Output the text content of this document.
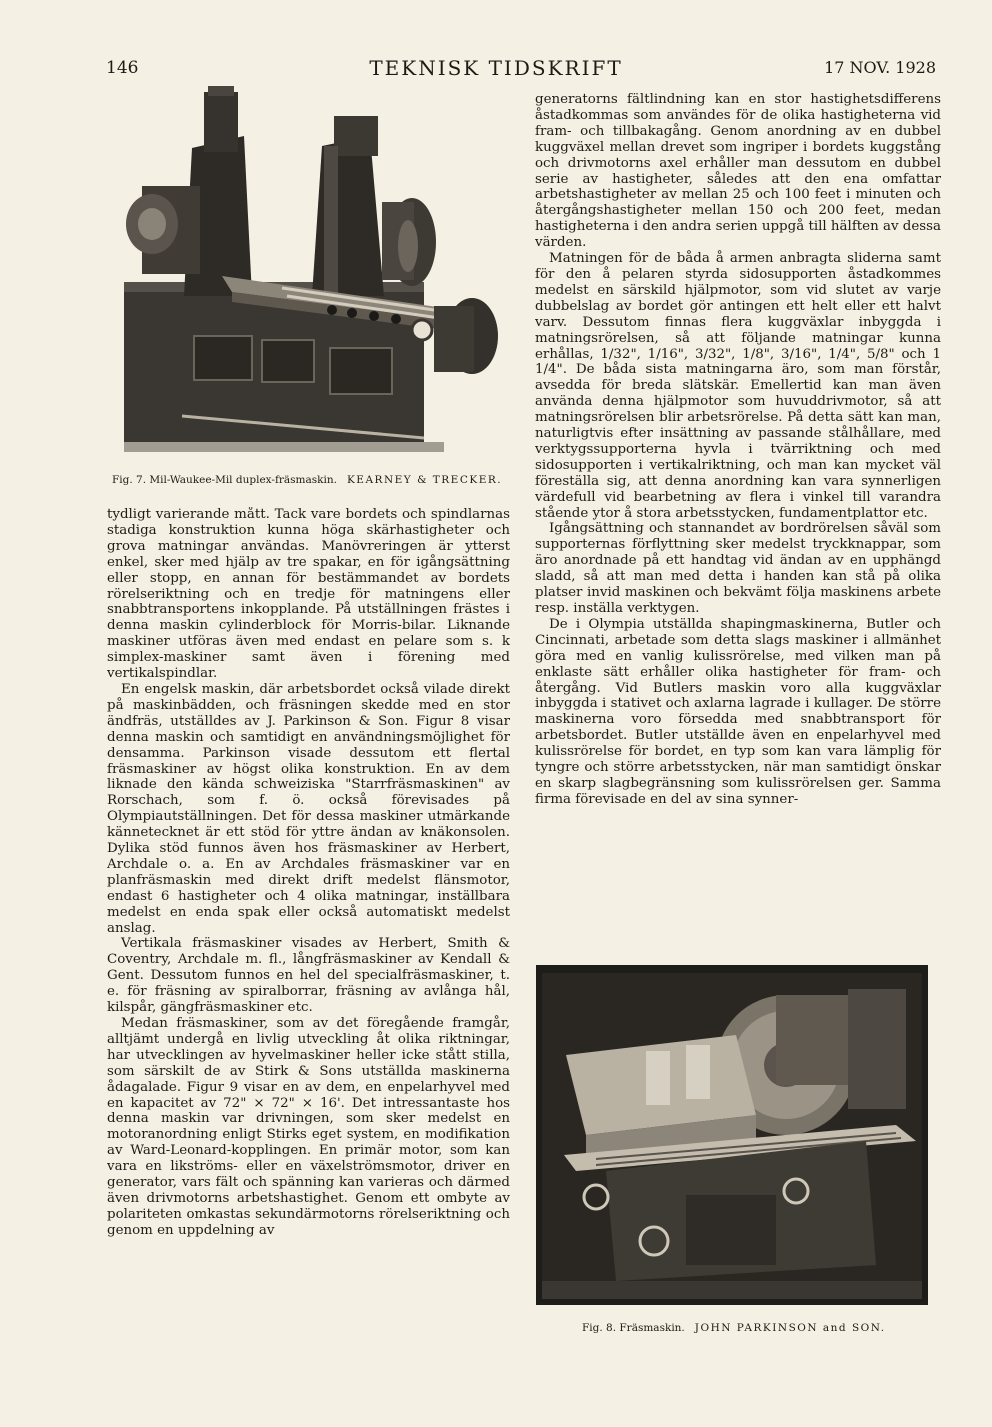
146	TEKNISK TIDSKRIFT	17 NOV. 1928
Fig. 7. Mil-Waukee-Mil duplex-fräsmaskin. KEARNEY & TRECKER.

tydligt varierande mått. Tack vare bordets och spindlarnas stadiga konstruktion kunna höga skärhastigheter och grova matningar användas. Manövreringen är ytterst enkel, sker med hjälp av tre spakar, en för igångsättning eller stopp, en annan för bestämmandet av bordets rörelseriktning och en tredje för matningens eller snabbtransportens inkopplande. På utställningen frästes i denna maskin cylinderblock för Morris-bilar. Liknande maskiner utföras även med endast en pelare som s. k simplex-maskiner samt även i förening med vertikalspindlar.

En engelsk maskin, där arbetsbordet också vilade direkt på maskinbädden, och fräsningen skedde med en stor ändfräs, utställdes av J. Parkinson & Son. Figur 8 visar denna maskin och samtidigt en användningsmöjlighet för densamma. Parkinson visade dessutom ett flertal fräsmaskiner av högst olika konstruktion. En av dem liknade den kända schweiziska "Starrfräsmaskinen" av Rorschach, som f. ö. också förevisades på Olympiautställningen. Det för dessa maskiner utmärkande kännetecknet är ett stöd för yttre ändan av knäkonsolen. Dylika stöd funnos även hos fräsmaskiner av Herbert, Archdale o. a. En av Archdales fräsmaskiner var en planfräsmaskin med direkt drift medelst flänsmotor, endast 6 hastigheter och 4 olika matningar, inställbara medelst en enda spak eller också automatiskt medelst anslag.

Vertikala fräsmaskiner visades av Herbert, Smith & Coventry, Archdale m. fl., långfräsmaskiner av Kendall & Gent. Dessutom funnos en hel del specialfräsmaskiner, t. e. för fräsning av spiralborrar, fräsning av avlånga hål, kilspår, gängfräsmaskiner etc.

Medan fräsmaskiner, som av det föregående framgår, alltjämt undergå en livlig utveckling åt olika riktningar, har utvecklingen av hyvelmaskiner heller icke stått stilla, som särskilt de av Stirk & Sons utställda maskinerna ådagalade. Figur 9 visar en av dem, en enpelarhyvel med en kapacitet av 72" × 72" × 16'. Det intressantaste hos denna maskin var drivningen, som sker medelst en motoranordning enligt Stirks eget system, en modifikation av Ward-Leonard-kopplingen. En primär motor, som kan vara en likströms- eller en växelströmsmotor, driver en generator, vars fält och spänning kan varieras och därmed även drivmotorns arbetshastighet. Genom ett ombyte av polariteten omkastas sekundärmotorns rörelseriktning och genom en uppdelning av

generatorns fältlindning kan en stor hastighetsdifferens åstadkommas som användes för de olika hastigheterna vid fram- och tillbakagång. Genom anordning av en dubbel kuggväxel mellan drevet som ingriper i bordets kuggstång och drivmotorns axel erhåller man dessutom en dubbel serie av hastigheter, således att den ena omfattar arbetshastigheter av mellan 25 och 100 feet i minuten och återgångshastigheter mellan 150 och 200 feet, medan hastigheterna i den andra serien uppgå till hälften av dessa värden.

Matningen för de båda å armen anbragta sliderna samt för den å pelaren styrda sidosupporten åstadkommes medelst en särskild hjälpmotor, som vid slutet av varje dubbelslag av bordet gör antingen ett helt eller ett halvt varv. Dessutom finnas flera kuggväxlar inbyggda i matningsrörelsen, så att följande matningar kunna erhållas, 1/32", 1/16", 3/32", 1/8", 3/16", 1/4", 5/8" och 1 1/4". De båda sista matningarna äro, som man förstår, avsedda för breda slätskär. Emellertid kan man även använda denna hjälpmotor som huvuddrivmotor, så att matningsrörelsen blir arbetsrörelse. På detta sätt kan man, naturligtvis efter insättning av passande stålhållare, med verktygssupporterna hyvla i tvärriktning och med sidosupporten i vertikalriktning, och man kan mycket väl föreställa sig, att denna anordning kan vara synnerligen värdefull vid bearbetning av flera i vinkel till varandra stående ytor å stora arbetsstycken, fundamentplattor etc.

Igångsättning och stannandet av bordrörelsen såväl som supporternas förflyttning sker medelst tryckknappar, som äro anordnade på ett handtag vid ändan av en upphängd sladd, så att man med detta i handen kan stå på olika platser invid maskinen och bekvämt följa maskinens arbete resp. inställa verktygen.

De i Olympia utställda shapingmaskinerna, Butler och Cincinnati, arbetade som detta slags maskiner i allmänhet göra med en vanlig kulissrörelse, med vilken man på enklaste sätt erhåller olika hastigheter för fram- och återgång. Vid Butlers maskin voro alla kuggväxlar inbyggda i stativet och axlarna lagrade i kullager. De större maskinerna voro försedda med snabbtransport för arbetsbordet. Butler utställde även en enpelarhyvel med kulissrörelse för bordet, en typ som kan vara lämplig för tyngre och större arbetsstycken, när man samtidigt önskar en skarp slagbegränsning som kulissrörelsen ger. Samma firma förevisade en del av sina synner-

Fig. 8. Fräsmaskin. JOHN PARKINSON and SON.
